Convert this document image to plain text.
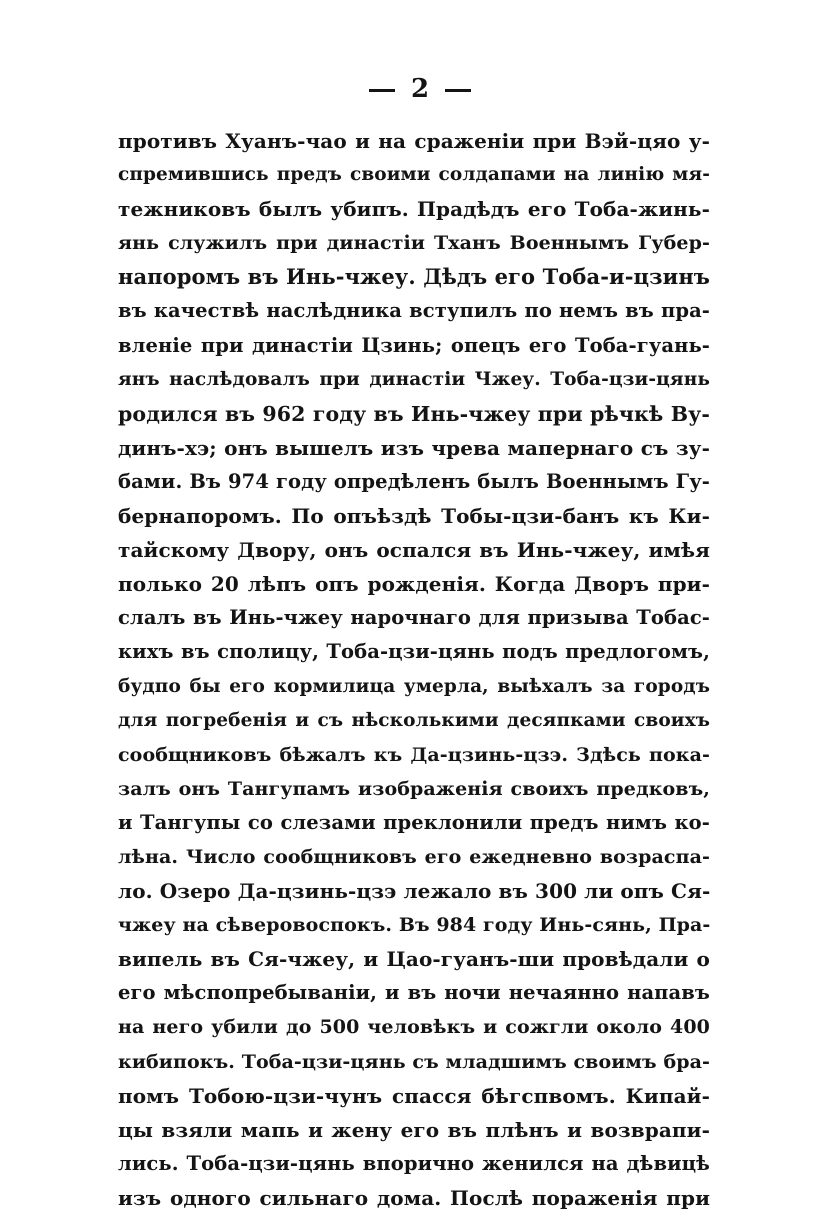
2
противъ Хуанъ-чао и на сраженіи при Вэй-цяо у-
спремившись предъ своими солдапами на линію мя-
тежниковъ былъ убипъ. Прадѣдъ его Тоба-жинь-
янь служилъ при династіи Тханъ Военнымъ Губер-
напоромъ въ Инь-чжеу. Дѣдъ его Тоба-и-цзинъ
въ качествѣ наслѣдника вступилъ по немъ въ пра-
вленіе при династіи Цзинь; опецъ его Тоба-гуань-
янъ наслѣдовалъ при династіи Чжеу. Тоба-цзи-цянь
родился въ 962 году въ Инь-чжеу при рѣчкѣ Ву-
динъ-хэ; онъ вышелъ изъ чрева мапернаго съ зу-
бами. Въ 974 году опредѣленъ былъ Военнымъ Гу-
бернапоромъ. По опъѣздѣ Тобы-цзи-банъ къ Ки-
тайскому Двору, онъ оспался въ Инь-чжеу, имѣя
полько 20 лѣпъ опъ рожденія. Когда Дворъ при-
слалъ въ Инь-чжеу нарочнаго для призыва Тобас-
кихъ въ сполицу, Тоба-цзи-цянь подъ предлогомъ,
будпо бы его кормилица умерла, выѣхалъ за городъ
для погребенія и съ нѣсколькими десяпками своихъ
сообщниковъ бѣжалъ къ Да-цзинь-цзэ. Здѣсь пока-
залъ онъ Тангупамъ изображенія своихъ предковъ,
и Тангупы со слезами преклонили предъ нимъ ко-
лѣна. Число сообщниковъ его ежедневно возраспа-
ло. Озеро Да-цзинь-цзэ лежало въ 300 ли опъ Ся-
чжеу на сѣверовоспокъ. Въ 984 году Инь-сянь, Пра-
випель въ Ся-чжеу, и Цао-гуанъ-ши провѣдали о
его мѣспопребываніи, и въ ночи нечаянно напавъ
на него убили до 500 человѣкъ и сожгли около 400
кибипокъ. Тоба-цзи-цянь съ младшимъ своимъ бра-
помъ Тобою-цзи-чунъ спасся бѣгспвомъ. Кипай-
цы взяли мапь и жену его въ плѣнъ и возврапи-
лись. Тоба-цзи-цянь впорично женился на дѣвицѣ
изъ одного сильнаго дома. Послѣ пораженія при
